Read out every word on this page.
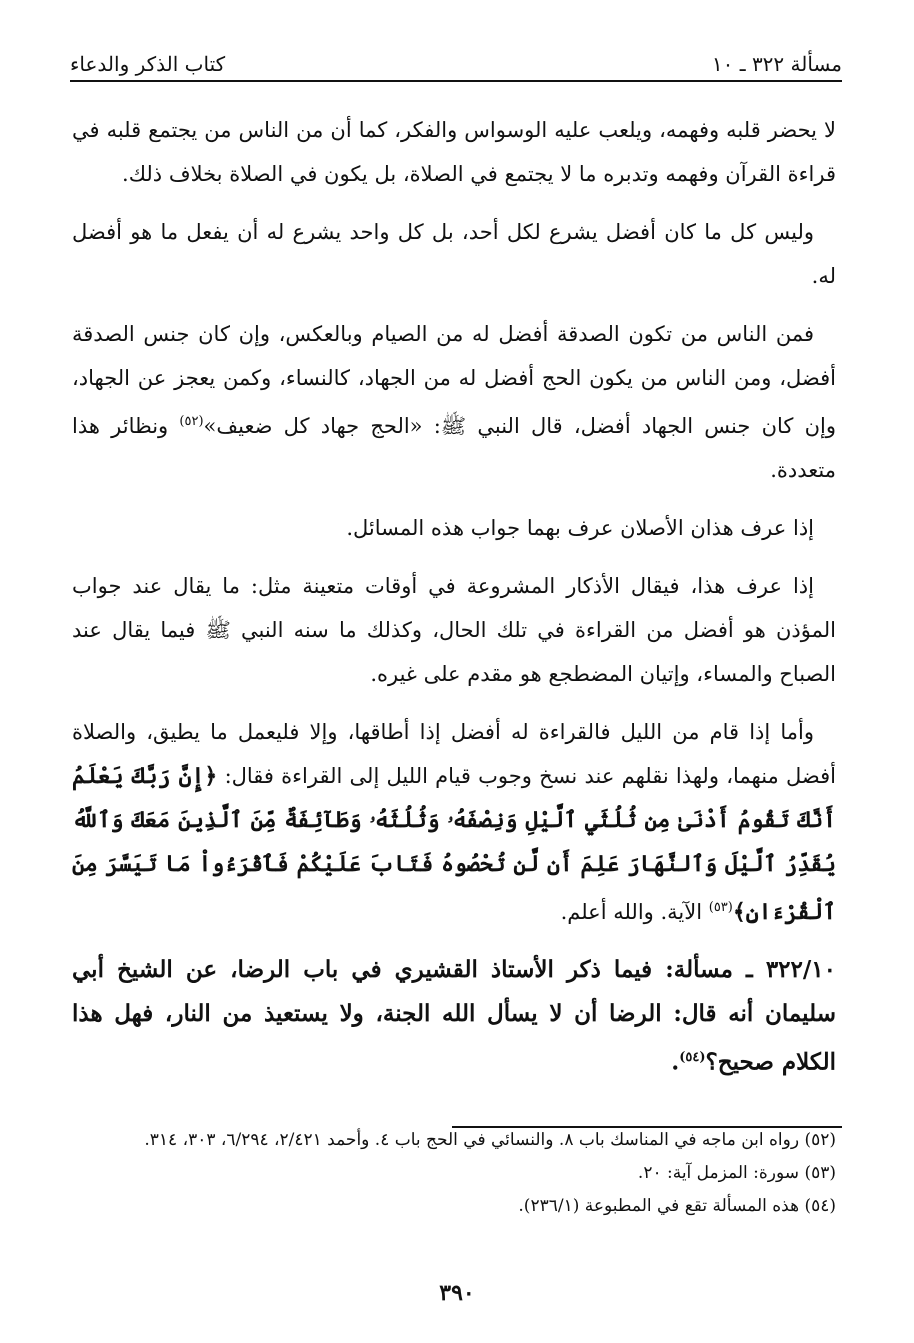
مسألة ٣٢٢ ـ ١٠
كتاب الذكر والدعاء

لا يحضر قلبه وفهمه، ويلعب عليه الوسواس والفكر، كما أن من الناس من يجتمع قلبه في قراءة القرآن وفهمه وتدبره ما لا يجتمع في الصلاة، بل يكون في الصلاة بخلاف ذلك.

وليس كل ما كان أفضل يشرع لكل أحد، بل كل واحد يشرع له أن يفعل ما هو أفضل له.

فمن الناس من تكون الصدقة أفضل له من الصيام وبالعكس، وإن كان جنس الصدقة أفضل، ومن الناس من يكون الحج أفضل له من الجهاد، كالنساء، وكمن يعجز عن الجهاد، وإن كان جنس الجهاد أفضل، قال النبي ﷺ: «الحج جهاد كل ضعيف»$^{(٥٢)}$ ونظائر هذا متعددة.

إذا عرف هذان الأصلان عرف بهما جواب هذه المسائل.

إذا عرف هذا، فيقال الأذكار المشروعة في أوقات متعينة مثل: ما يقال عند جواب المؤذن هو أفضل من القراءة في تلك الحال، وكذلك ما سنه النبي ﷺ فيما يقال عند الصباح والمساء، وإتيان المضطجع هو مقدم على غيره.

وأما إذا قام من الليل فالقراءة له أفضل إذا أطاقها، وإلا فليعمل ما يطيق، والصلاة أفضل منهما، ولهذا نقلهم عند نسخ وجوب قيام الليل إلى القراءة فقال: ﴿إِنَّ رَبَّكَ يَعْلَمُ أَنَّكَ تَقُومُ أَدْنَىٰ مِن ثُلُثَيِ ٱلَّيْلِ وَنِصْفَهُۥ وَثُلُثَهُۥ وَطَآئِفَةٌ مِّنَ ٱلَّذِينَ مَعَكَ وَٱللَّهُ يُقَدِّرُ ٱلَّيْلَ وَٱلنَّهَارَ عَلِمَ أَن لَّن تُحْصُوهُ فَتَابَ عَلَيْكُمْ فَٱقْرَءُواْ مَا تَيَسَّرَ مِنَ ٱلْقُرْءَانِ﴾$^{(٥٣)}$ الآية. والله أعلم.

٣٢٢/١٠ ـ مسألة: فيما ذكر الأستاذ القشيري في باب الرضا، عن الشيخ أبي سليمان أنه قال: الرضا أن لا يسأل الله الجنة، ولا يستعيذ من النار، فهل هذا الكلام صحيح؟$^{(٥٤)}$.

(٥٢) رواه ابن ماجه في المناسك باب ٨. والنسائي في الحج باب ٤. وأحمد ٢/٤٢١، ٦/٢٩٤، ٣٠٣، ٣١٤.

(٥٣) سورة: المزمل آية: ٢٠.

(٥٤) هذه المسألة تقع في المطبوعة (٢٣٦/١).

٣٩٠
